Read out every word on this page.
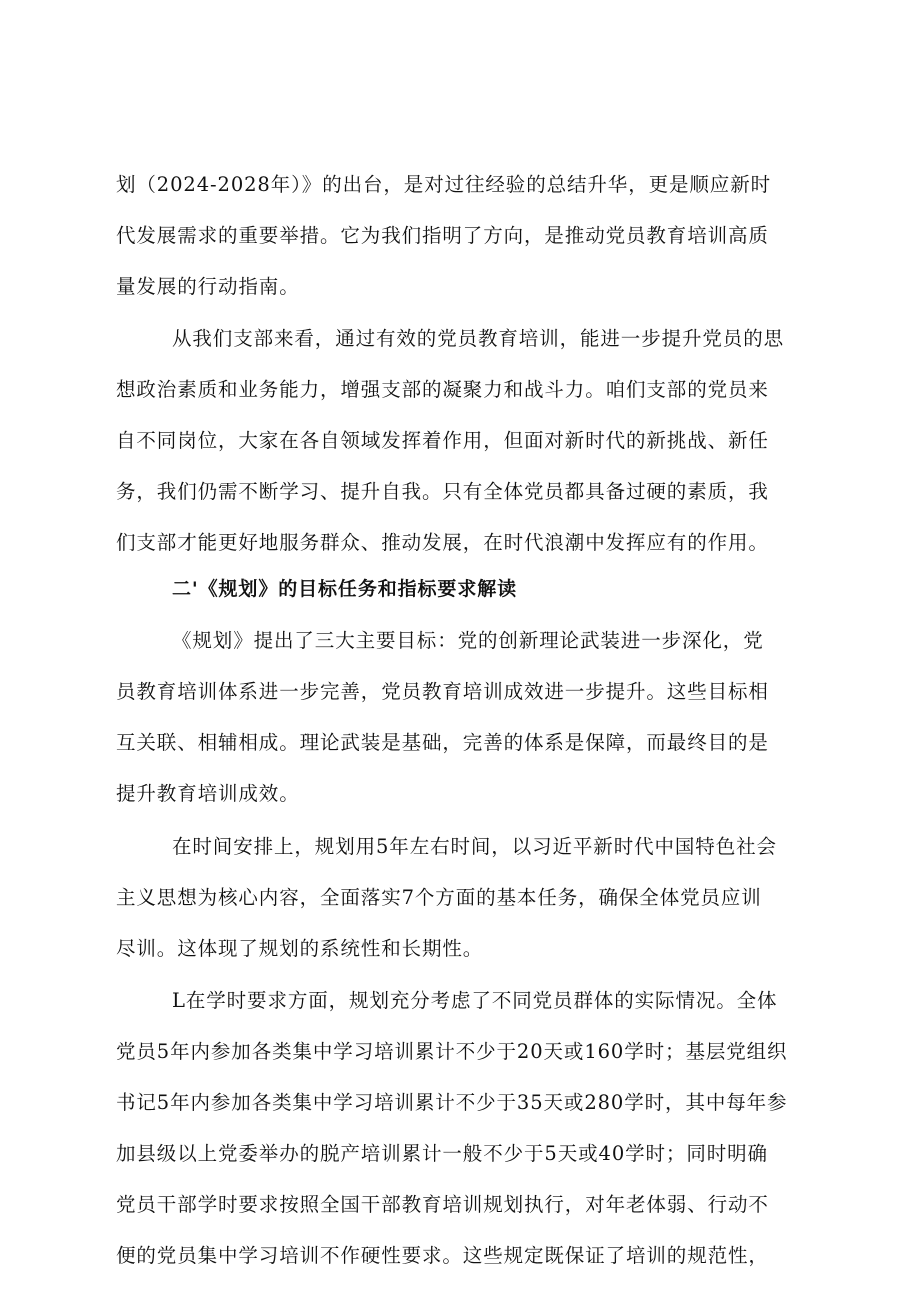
划（2024-2028年）》的出台，是对过往经验的总结升华，更是顺应新时
代发展需求的重要举措。它为我们指明了方向，是推动党员教育培训高质
量发展的行动指南。
从我们支部来看，通过有效的党员教育培训，能进一步提升党员的思
想政治素质和业务能力，增强支部的凝聚力和战斗力。咱们支部的党员来
自不同岗位，大家在各自领域发挥着作用，但面对新时代的新挑战、新任
务，我们仍需不断学习、提升自我。只有全体党员都具备过硬的素质，我
们支部才能更好地服务群众、推动发展，在时代浪潮中发挥应有的作用。
二'《规划》的目标任务和指标要求解读
《规划》提出了三大主要目标：党的创新理论武装进一步深化，党
员教育培训体系进一步完善，党员教育培训成效进一步提升。这些目标相
互关联、相辅相成。理论武装是基础，完善的体系是保障，而最终目的是
提升教育培训成效。
在时间安排上，规划用5年左右时间，以习近平新时代中国特色社会
主义思想为核心内容，全面落实7个方面的基本任务，确保全体党员应训
尽训。这体现了规划的系统性和长期性。
L在学时要求方面，规划充分考虑了不同党员群体的实际情况。全体
党员5年内参加各类集中学习培训累计不少于20天或160学时；基层党组织
书记5年内参加各类集中学习培训累计不少于35天或280学时，其中每年参
加县级以上党委举办的脱产培训累计一般不少于5天或40学时；同时明确
党员干部学时要求按照全国干部教育培训规划执行，对年老体弱、行动不
便的党员集中学习培训不作硬性要求。这些规定既保证了培训的规范性，
